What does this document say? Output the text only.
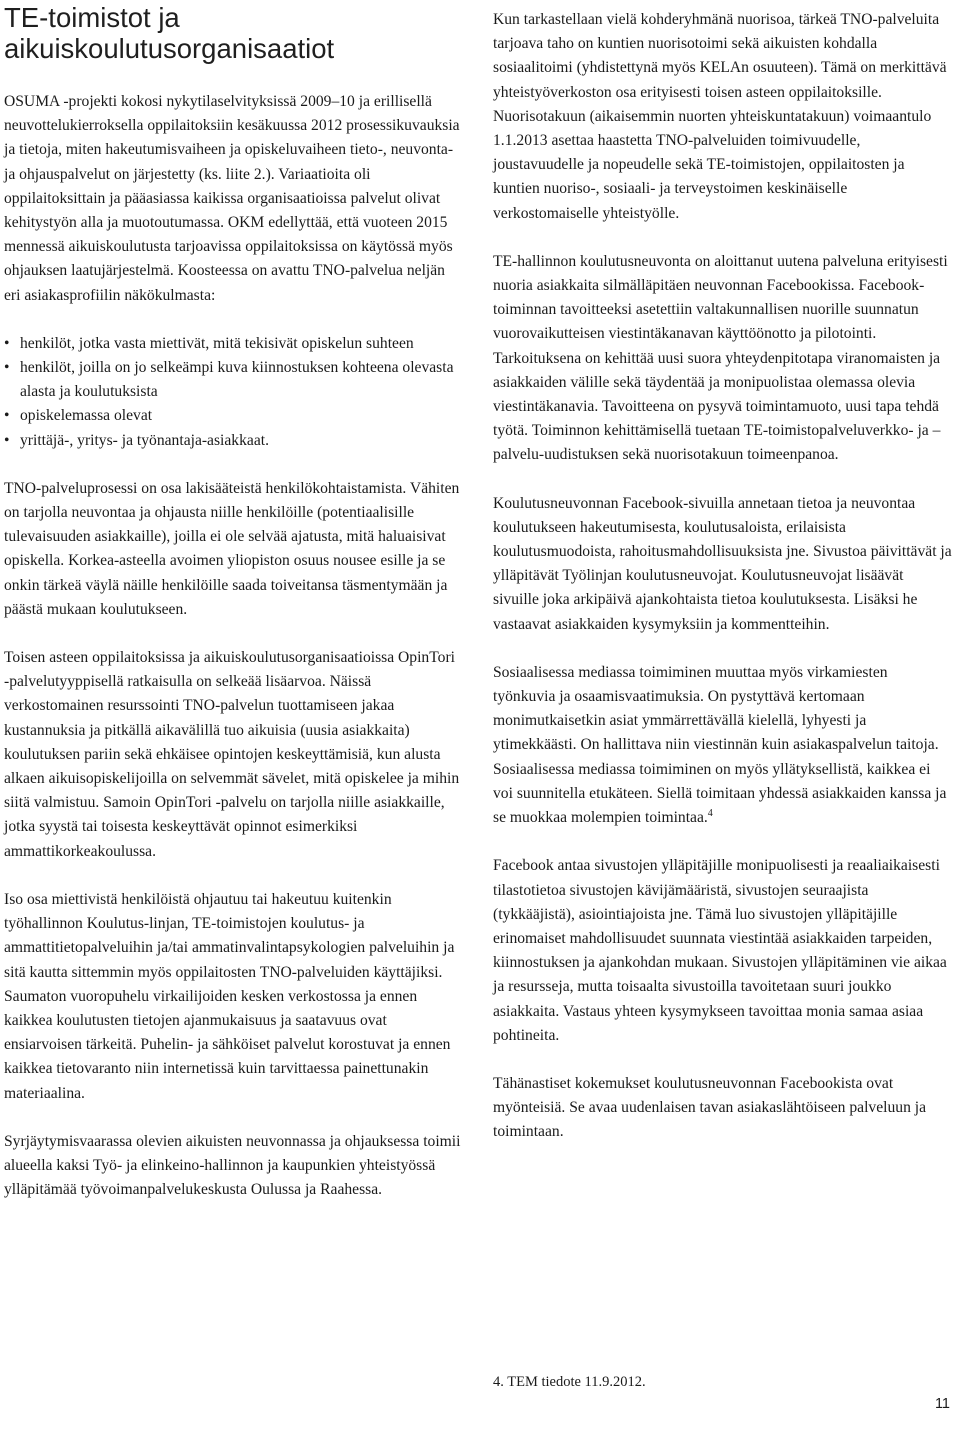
TE-toimistot ja
aikuiskoulutusorganisaatiot

OSUMA -projekti kokosi nykytilaselvityksissä 2009–10 ja erillisellä neuvottelukierroksella oppilaitoksiin kesäkuussa 2012 prosessikuvauksia ja tietoja, miten hakeutumisvaiheen ja opiskeluvaiheen tieto-, neuvonta- ja ohjauspalvelut on järjestetty (ks. liite 2.). Variaatioita oli oppilaitoksittain ja pääasiassa kaikissa organisaatioissa palvelut olivat kehitystyön alla ja muotoutumassa. OKM edellyttää, että vuoteen 2015 mennessä aikuiskoulutusta tarjoavissa oppilaitoksissa on käytössä myös ohjauksen laatujärjestelmä. Koosteessa on avattu TNO-palvelua neljän eri asiakasprofiilin näkökulmasta:

• henkilöt, jotka vasta miettivät, mitä tekisivät opiskelun suhteen
• henkilöt, joilla on jo selkeämpi kuva kiinnostuksen kohteena olevasta alasta ja koulutuksista
• opiskelemassa olevat
• yrittäjä-, yritys- ja työnantaja-asiakkaat.

TNO-palveluprosessi on osa lakisääteistä henkilökohtaistamista. Vähiten on tarjolla neuvontaa ja ohjausta niille henkilöille (potentiaalisille tulevaisuuden asiakkaille), joilla ei ole selvää ajatusta, mitä haluaisivat opiskella. Korkea-asteella avoimen yliopiston osuus nousee esille ja se onkin tärkeä väylä näille henkilöille saada toiveitansa täsmentymään ja päästä mukaan koulutukseen.

Toisen asteen oppilaitoksissa ja aikuiskoulutusorganisaatioissa OpinTori -palvelutyyppisellä ratkaisulla on selkeää lisäarvoa. Näissä verkostomainen resurssointi TNO-palvelun tuottamiseen jakaa kustannuksia ja pitkällä aikavälillä tuo aikuisia (uusia asiakkaita) koulutuksen pariin sekä ehkäisee opintojen keskeyttämisiä, kun alusta alkaen aikuisopiskelijoilla on selvemmät sävelet, mitä opiskelee ja mihin siitä valmistuu. Samoin OpinTori -palvelu on tarjolla niille asiakkaille, jotka syystä tai toisesta keskeyttävät opinnot esimerkiksi ammattikorkeakoulussa.

Iso osa miettivistä henkilöistä ohjautuu tai hakeutuu kuitenkin työhallinnon Koulutus-linjan, TE-toimistojen koulutus- ja ammattitietopalveluihin ja/tai ammatinvalintapsykologien palveluihin ja sitä kautta sittemmin myös oppilaitosten TNO-palveluiden käyttäjiksi. Saumaton vuoropuhelu virkailijoiden kesken verkostossa ja ennen kaikkea koulutusten tietojen ajanmukaisuus ja saatavuus ovat ensiarvoisen tärkeitä. Puhelin- ja sähköiset palvelut korostuvat ja ennen kaikkea tietovaranto niin internetissä kuin tarvittaessa painettunakin materiaalina.

Syrjäytymisvaarassa olevien aikuisten neuvonnassa ja ohjauksessa toimii alueella kaksi Työ- ja elinkeino-hallinnon ja kaupunkien yhteistyössä ylläpitämää työvoimanpalvelukeskusta Oulussa ja Raahessa.

Kun tarkastellaan vielä kohderyhmänä nuorisoa, tärkeä TNO-palveluita tarjoava taho on kuntien nuorisotoimi sekä aikuisten kohdalla sosiaalitoimi (yhdistettynä myös KELAn osuuteen). Tämä on merkittävä yhteistyöverkoston osa erityisesti toisen asteen oppilaitoksille. Nuorisotakuun (aikaisemmin nuorten yhteiskuntatakuun) voimaantulo 1.1.2013 asettaa haastetta TNO-palveluiden toimivuudelle, joustavuudelle ja nopeudelle sekä TE-toimistojen, oppilaitosten ja kuntien nuoriso-, sosiaali- ja terveystoimen keskinäiselle verkostomaiselle yhteistyölle.

TE-hallinnon koulutusneuvonta on aloittanut uutena palveluna erityisesti nuoria asiakkaita silmälläpitäen neuvonnan Facebookissa. Facebook-toiminnan tavoitteeksi asetettiin valtakunnallisen nuorille suunnatun vuorovaikutteisen viestintäkanavan käyttöönotto ja pilotointi. Tarkoituksena on kehittää uusi suora yhteydenpitotapa viranomaisten ja asiakkaiden välille sekä täydentää ja monipuolistaa olemassa olevia viestintäkanavia. Tavoitteena on pysyvä toimintamuoto, uusi tapa tehdä työtä. Toiminnon kehittämisellä tuetaan TE-toimistopalveluverkko- ja –palvelu-uudistuksen sekä nuorisotakuun toimeenpanoa.

Koulutusneuvonnan Facebook-sivuilla annetaan tietoa ja neuvontaa koulutukseen hakeutumisesta, koulutusaloista, erilaisista koulutusmuodoista, rahoitusmahdollisuuksista jne. Sivustoa päivittävät ja ylläpitävät Työlinjan koulutusneuvojat. Koulutusneuvojat lisäävät sivuille joka arkipäivä ajankohtaista tietoa koulutuksesta. Lisäksi he vastaavat asiakkaiden kysymyksiin ja kommentteihin.

Sosiaalisessa mediassa toimiminen muuttaa myös virkamiesten työnkuvia ja osaamisvaatimuksia. On pystyttävä kertomaan monimutkaisetkin asiat ymmärrettävällä kielellä, lyhyesti ja ytimekkäästi. On hallittava niin viestinnän kuin asiakaspalvelun taitoja. Sosiaalisessa mediassa toimiminen on myös yllätyksellistä, kaikkea ei voi suunnitella etukäteen. Siellä toimitaan yhdessä asiakkaiden kanssa ja se muokkaa molempien toimintaa.$^4$

Facebook antaa sivustojen ylläpitäjille monipuolisesti ja reaaliaikaisesti tilastotietoa sivustojen kävijämääristä, sivustojen seuraajista (tykkääjistä), asiointiajoista jne. Tämä luo sivustojen ylläpitäjille erinomaiset mahdollisuudet suunnata viestintää asiakkaiden tarpeiden, kiinnostuksen ja ajankohdan mukaan. Sivustojen ylläpitäminen vie aikaa ja resursseja, mutta toisaalta sivustoilla tavoitetaan suuri joukko asiakkaita. Vastaus yhteen kysymykseen tavoittaa monia samaa asiaa pohtineita.

Tähänastiset kokemukset koulutusneuvonnan Facebookista ovat myönteisiä. Se avaa uudenlaisen tavan asiakaslähtöiseen palveluun ja toimintaan.

4. TEM tiedote 11.9.2012.
11
